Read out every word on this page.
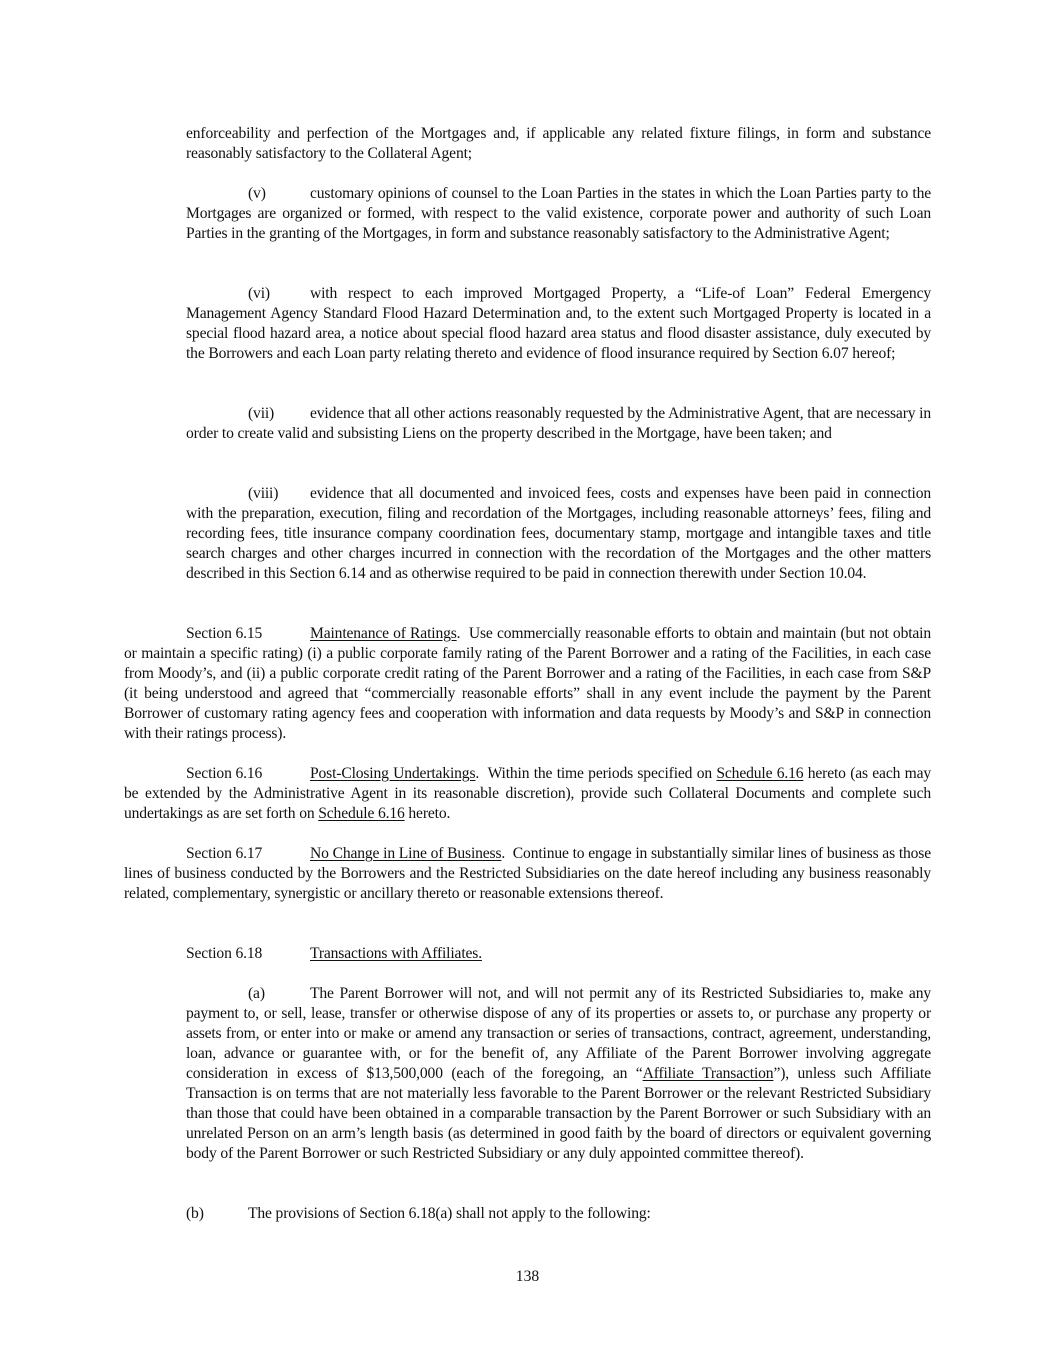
enforceability and perfection of the Mortgages and, if applicable any related fixture filings, in form and substance reasonably satisfactory to the Collateral Agent;

(v)	customary opinions of counsel to the Loan Parties in the states in which the Loan Parties party to the Mortgages are organized or formed, with respect to the valid existence, corporate power and authority of such Loan Parties in the granting of the Mortgages, in form and substance reasonably satisfactory to the Administrative Agent;

(vi)	with respect to each improved Mortgaged Property, a “Life-of Loan” Federal Emergency Management Agency Standard Flood Hazard Determination and, to the extent such Mortgaged Property is located in a special flood hazard area, a notice about special flood hazard area status and flood disaster assistance, duly executed by the Borrowers and each Loan party relating thereto and evidence of flood insurance required by Section 6.07 hereof;

(vii) evidence that all other actions reasonably requested by the Administrative Agent, that are necessary in order to create valid and subsisting Liens on the property described in the Mortgage, have been taken; and

(viii) evidence that all documented and invoiced fees, costs and expenses have been paid in connection with the preparation, execution, filing and recordation of the Mortgages, including reasonable attorneys’ fees, filing and recording fees, title insurance company coordination fees, documentary stamp, mortgage and intangible taxes and title search charges and other charges incurred in connection with the recordation of the Mortgages and the other matters described in this Section 6.14 and as otherwise required to be paid in connection therewith under Section 10.04.

Section 6.15	Maintenance of Ratings. Use commercially reasonable efforts to obtain and maintain (but not obtain or maintain a specific rating) (i) a public corporate family rating of the Parent Borrower and a rating of the Facilities, in each case from Moody’s, and (ii) a public corporate credit rating of the Parent Borrower and a rating of the Facilities, in each case from S&P (it being understood and agreed that “commercially reasonable efforts” shall in any event include the payment by the Parent Borrower of customary rating agency fees and cooperation with information and data requests by Moody’s and S&P in connection with their ratings process).

Section 6.16	Post-Closing Undertakings. Within the time periods specified on Schedule 6.16 hereto (as each may be extended by the Administrative Agent in its reasonable discretion), provide such Collateral Documents and complete such undertakings as are set forth on Schedule 6.16 hereto.

Section 6.17	No Change in Line of Business. Continue to engage in substantially similar lines of business as those lines of business conducted by the Borrowers and the Restricted Subsidiaries on the date hereof including any business reasonably related, complementary, synergistic or ancillary thereto or reasonable extensions thereof.

Section 6.18	Transactions with Affiliates.

(a)	The Parent Borrower will not, and will not permit any of its Restricted Subsidiaries to, make any payment to, or sell, lease, transfer or otherwise dispose of any of its properties or assets to, or purchase any property or assets from, or enter into or make or amend any transaction or series of transactions, contract, agreement, understanding, loan, advance or guarantee with, or for the benefit of, any Affiliate of the Parent Borrower involving aggregate consideration in excess of $13,500,000 (each of the foregoing, an “Affiliate Transaction”), unless such Affiliate Transaction is on terms that are not materially less favorable to the Parent Borrower or the relevant Restricted Subsidiary than those that could have been obtained in a comparable transaction by the Parent Borrower or such Subsidiary with an unrelated Person on an arm’s length basis (as determined in good faith by the board of directors or equivalent governing body of the Parent Borrower or such Restricted Subsidiary or any duly appointed committee thereof).

(b)	The provisions of Section 6.18(a) shall not apply to the following:

138
